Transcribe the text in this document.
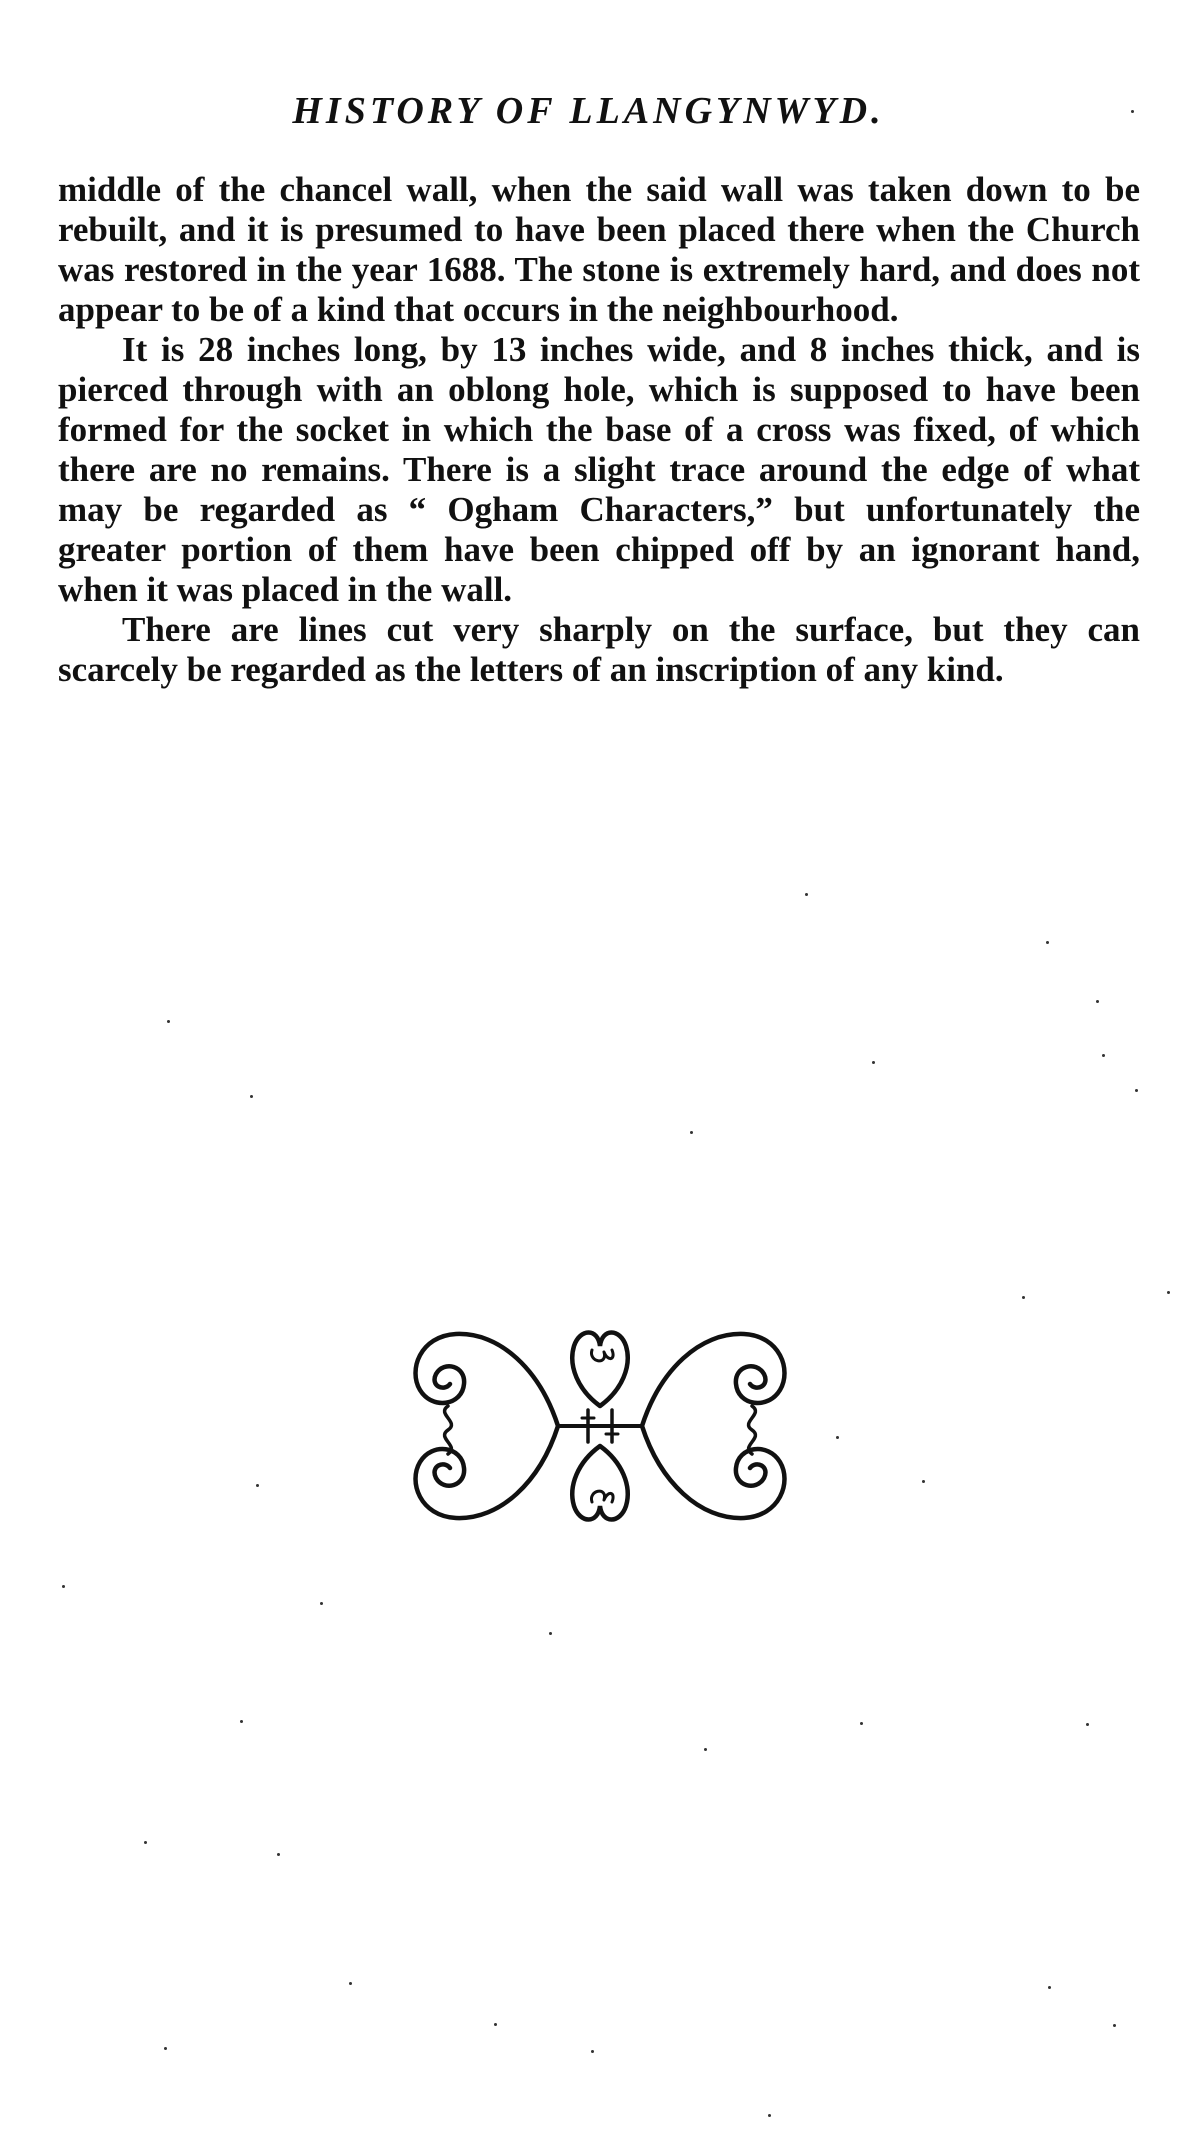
HISTORY OF LLANGYNWYD.

middle of the chancel wall, when the said wall was taken down to be rebuilt, and it is presumed to have been placed there when the Church was restored in the year 1688. The stone is extremely hard, and does not appear to be of a kind that occurs in the neighbourhood.

It is 28 inches long, by 13 inches wide, and 8 inches thick, and is pierced through with an oblong hole, which is supposed to have been formed for the socket in which the base of a cross was fixed, of which there are no remains. There is a slight trace around the edge of what may be regarded as “ Ogham Characters,” but unfortunately the greater portion of them have been chipped off by an ignorant hand, when it was placed in the wall.

There are lines cut very sharply on the surface, but they can scarcely be regarded as the letters of an inscription of any kind.
